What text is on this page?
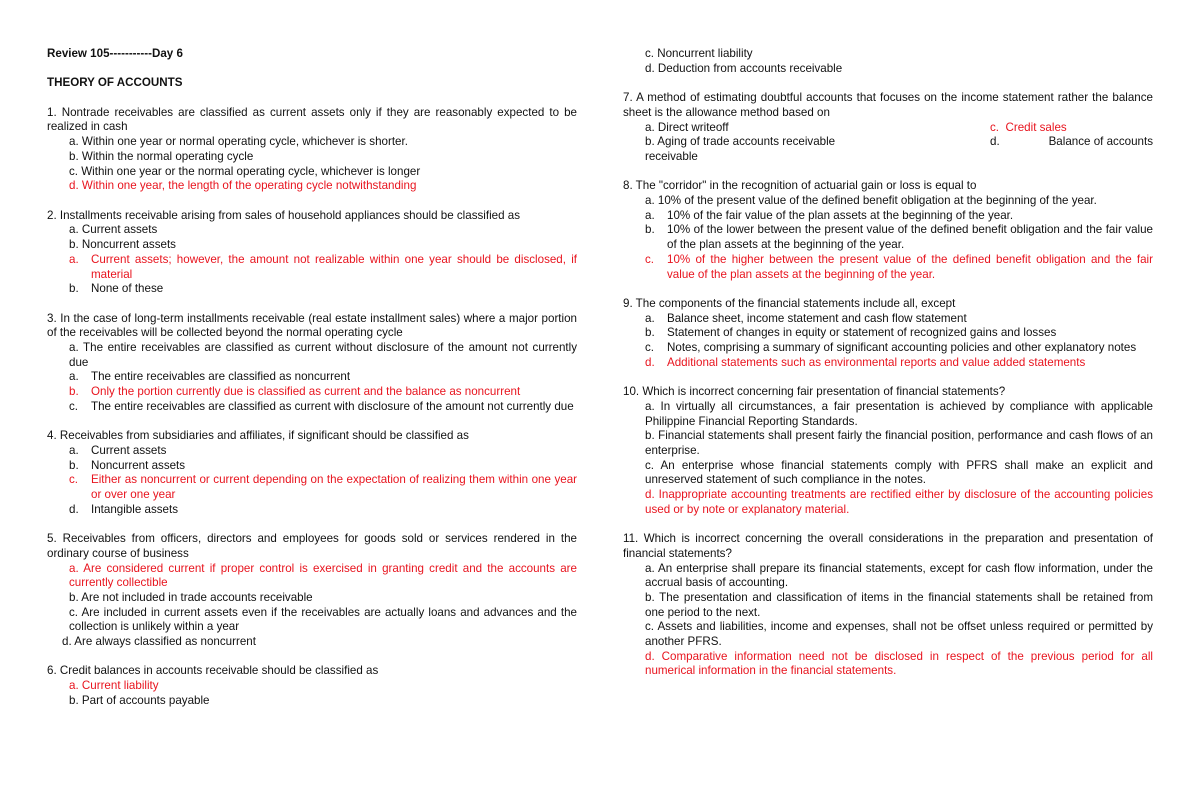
Review 105-----------Day 6
THEORY OF ACCOUNTS
1. Nontrade receivables are classified as current assets only if they are reasonably expected to be realized in cash
a. Within one year or normal operating cycle, whichever is shorter.
b. Within the normal operating cycle
c. Within one year or the normal operating cycle, whichever is longer
d. Within one year, the length of the operating cycle notwithstanding
2. Installments receivable arising from sales of household appliances should be classified as
a. Current assets
b. Noncurrent assets
a.	Current assets; however, the amount not realizable within one year should be disclosed, if material
b.	None of these
3. In the case of long-term installments receivable (real estate installment sales) where a major portion of the receivables will be collected beyond the normal operating cycle
a. The entire receivables are classified as current without disclosure of the amount not currently due
a.	The entire receivables are classified as noncurrent
b.	Only the portion currently due is classified as current and the balance as noncurrent
c.	The entire receivables are classified as current with disclosure of the amount not currently due
4. Receivables from subsidiaries and affiliates, if significant should be classified as
a.	Current assets
b.	Noncurrent assets
c.	Either as noncurrent or current depending on the expectation of realizing them within one year or over one year
d.	Intangible assets
5. Receivables from officers, directors and employees for goods sold or services rendered in the ordinary course of business
a. Are considered current if proper control is exercised in granting credit and the accounts are currently collectible
b. Are not included in trade accounts receivable
c. Are included in current assets even if the receivables are actually loans and advances and the collection is unlikely within a year
d. Are always classified as noncurrent
6. Credit balances in accounts receivable should be classified as
a. Current liability
b. Part of accounts payable
c. Noncurrent liability
d. Deduction from accounts receivable
7. A method of estimating doubtful accounts that focuses on the income statement rather the balance sheet is the allowance method based on
a. Direct writeoff	c. Credit sales
b. Aging of trade accounts receivable	d.	Balance of accounts
receivable
8. The "corridor" in the recognition of actuarial gain or loss is equal to
a. 10% of the present value of the defined benefit obligation at the beginning of the year.
a.	10% of the fair value of the plan assets at the beginning of the year.
b.	10% of the lower between the present value of the defined benefit obligation and the fair value of the plan assets at the beginning of the year.
c.	10% of the higher between the present value of the defined benefit obligation and the fair value of the plan assets at the beginning of the year.
9. The components of the financial statements include all, except
a.	Balance sheet, income statement and cash flow statement
b.	Statement of changes in equity or statement of recognized gains and losses
c.	Notes, comprising a summary of significant accounting policies and other explanatory notes
d.	Additional statements such as environmental reports and value added statements
10. Which is incorrect concerning fair presentation of financial statements?
a. In virtually all circumstances, a fair presentation is achieved by compliance with applicable Philippine Financial Reporting Standards.
b. Financial statements shall present fairly the financial position, performance and cash flows of an enterprise.
c. An enterprise whose financial statements comply with PFRS shall make an explicit and unreserved statement of such compliance in the notes.
d. Inappropriate accounting treatments are rectified either by disclosure of the accounting policies used or by note or explanatory material.
11. Which is incorrect concerning the overall considerations in the preparation and presentation of financial statements?
a. An enterprise shall prepare its financial statements, except for cash flow information, under the accrual basis of accounting.
b. The presentation and classification of items in the financial statements shall be retained from one period to the next.
c. Assets and liabilities, income and expenses, shall not be offset unless required or permitted by another PFRS.
d. Comparative information need not be disclosed in respect of the previous period for all numerical information in the financial statements.
